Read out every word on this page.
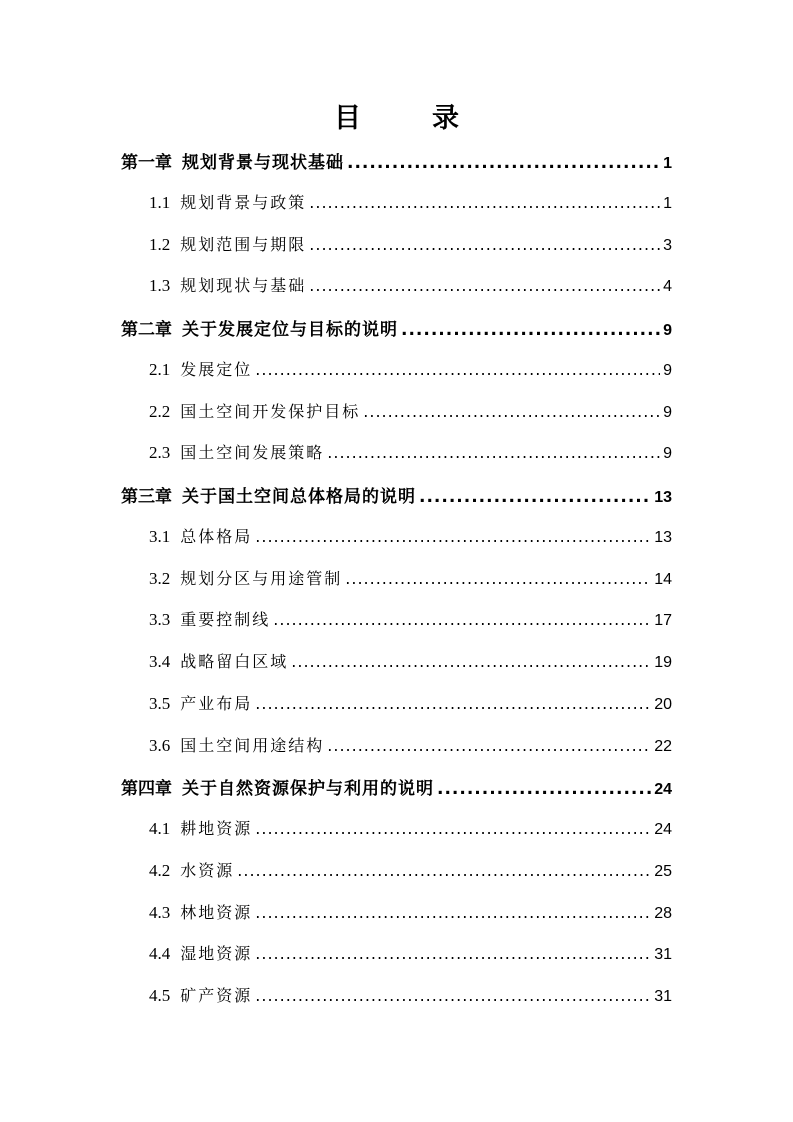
目　录
第一章 规划背景与现状基础 .....	1
1.1 规划背景与政策 .....	1
1.2 规划范围与期限 .....	3
1.3 规划现状与基础 .....	4
第二章 关于发展定位与目标的说明 .....	9
2.1 发展定位 .....	9
2.2 国土空间开发保护目标 .....	9
2.3 国土空间发展策略 .....	9
第三章 关于国土空间总体格局的说明 .....	13
3.1 总体格局 .....	13
3.2 规划分区与用途管制 .....	14
3.3 重要控制线 .....	17
3.4 战略留白区域 .....	19
3.5 产业布局 .....	20
3.6 国土空间用途结构 .....	22
第四章 关于自然资源保护与利用的说明 .....	24
4.1 耕地资源 .....	24
4.2 水资源 .....	25
4.3 林地资源 .....	28
4.4 湿地资源 .....	31
4.5 矿产资源 .....	31
